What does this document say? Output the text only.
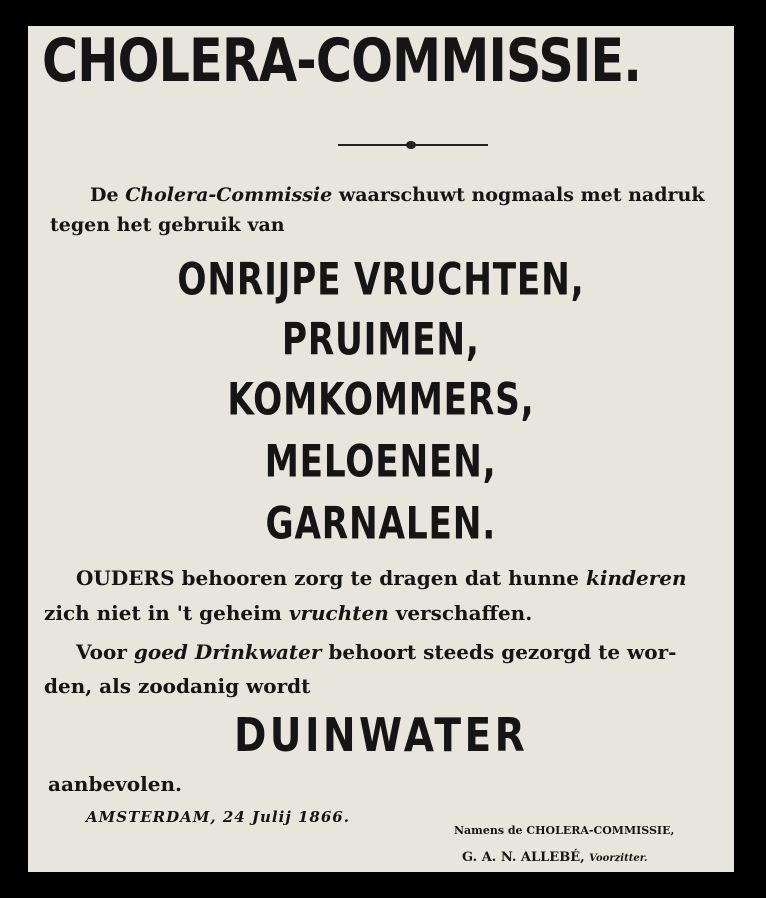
CHOLERA-COMMISSIE.
De Cholera-Commissie waarschuwt nogmaals met nadruk
tegen het gebruik van
ONRIJPE VRUCHTEN,
PRUIMEN,
KOMKOMMERS,
MELOENEN,
GARNALEN.
OUDERS behooren zorg te dragen dat hunne kinderen
zich niet in 't geheim vruchten verschaffen.
Voor goed Drinkwater behoort steeds gezorgd te wor-
den, als zoodanig wordt
DUINWATER
aanbevolen.
AMSTERDAM, 24 Julij 1866.
Namens de CHOLERA-COMMISSIE,
G. A. N. ALLEBÉ, Voorzitter.
